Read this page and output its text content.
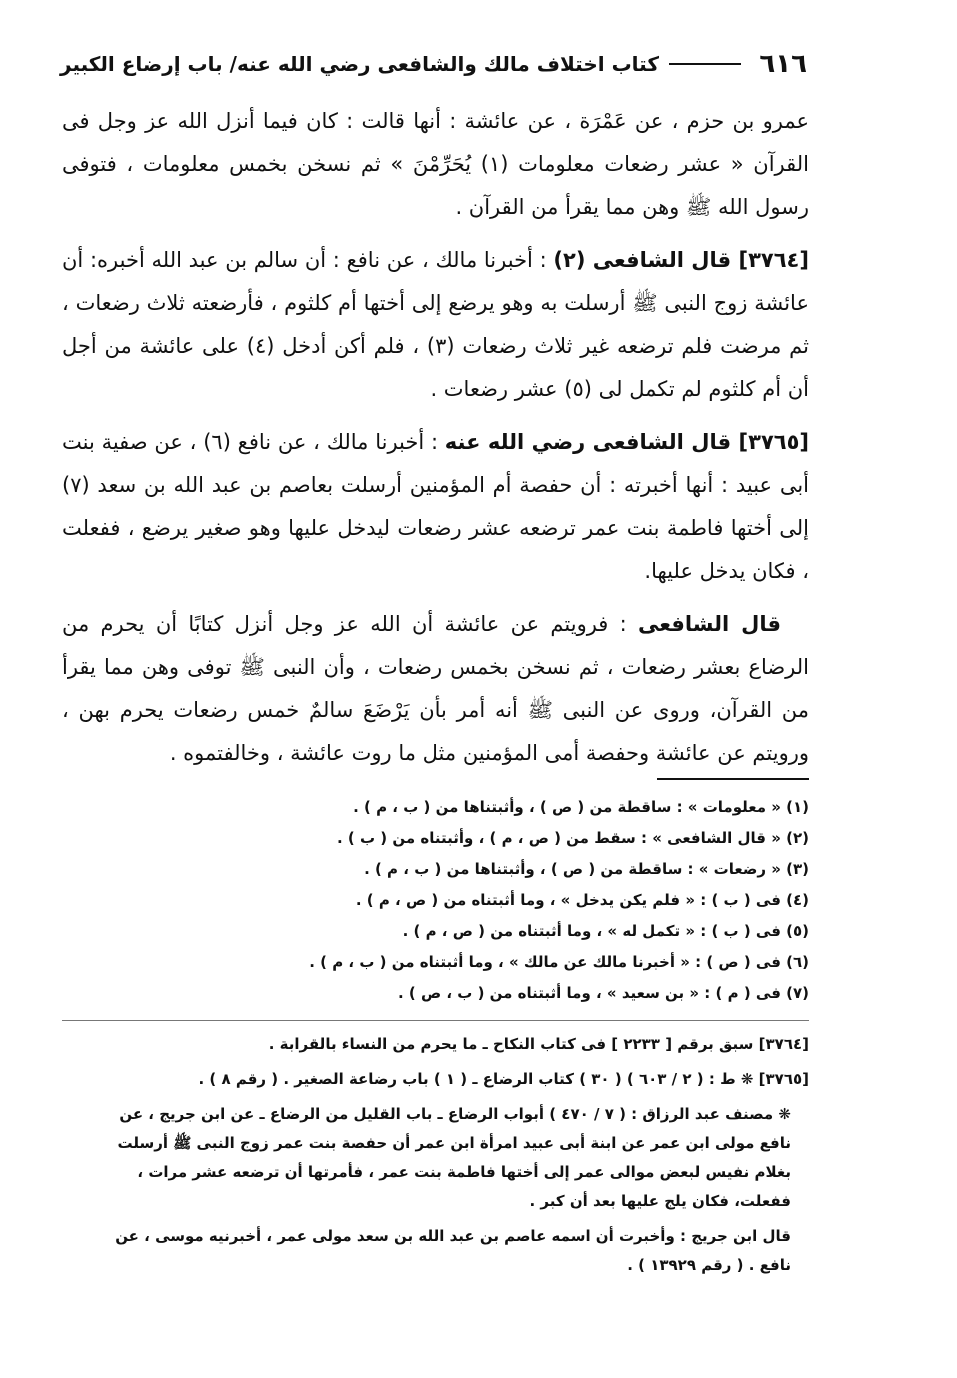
٦١٦
كتاب اختلاف مالك والشافعى رضي الله عنه/ باب إرضاع الكبير

عمرو بن حزم ، عن عَمْرَة ، عن عائشة : أنها قالت : كان فيما أنزل الله عز وجل فى القرآن « عشر رضعات معلومات (١) يُحَرِّمْنَ » ثم نسخن بخمس معلومات ، فتوفى رسول الله ﷺ وهن مما يقرأ من القرآن .

[٣٧٦٤] قال الشافعى (٢) : أخبرنا مالك ، عن نافع : أن سالم بن عبد الله أخبره: أن عائشة زوج النبى ﷺ أرسلت به وهو يرضع إلى أختها أم كلثوم ، فأرضعته ثلاث رضعات ، ثم مرضت فلم ترضعه غير ثلاث رضعات (٣) ، فلم أكن أدخل (٤) على عائشة من أجل أن أم كلثوم لم تكمل لى (٥) عشر رضعات .

[٣٧٦٥] قال الشافعى رضي الله عنه : أخبرنا مالك ، عن نافع (٦) ، عن صفية بنت أبى عبيد : أنها أخبرته : أن حفصة أم المؤمنين أرسلت بعاصم بن عبد الله بن سعد (٧) إلى أختها فاطمة بنت عمر ترضعه عشر رضعات ليدخل عليها وهو صغير يرضع ، ففعلت ، فكان يدخل عليها.

قال الشافعى : فرويتم عن عائشة أن الله عز وجل أنزل كتابًا أن يحرم من الرضاع بعشر رضعات ، ثم نسخن بخمس رضعات ، وأن النبى ﷺ توفى وهن مما يقرأ من القرآن، وروى عن النبى ﷺ أنه أمر بأن يَرْضَعَ سالمٌ خمس رضعات يحرم بهن ، ورويتم عن عائشة وحفصة أمى المؤمنين مثل ما روت عائشة ، وخالفتموه .

(١) « معلومات » : ساقطة من ( ص ) ، وأثبتناها من ( ب ، م ) .
(٢) « قال الشافعى » : سقط من ( ص ، م ) ، وأثبتناه من ( ب ) .
(٣) « رضعات » : ساقطة من ( ص ) ، وأثبتناها من ( ب ، م ) .
(٤) فى ( ب ) : « فلم يكن يدخل » ، وما أثبتناه من ( ص ، م ) .
(٥) فى ( ب ) : « تكمل له » ، وما أثبتناه من ( ص ، م ) .
(٦) فى ( ص ) : « أخبرنا مالك عن مالك » ، وما أثبتناه من ( ب ، م ) .
(٧) فى ( م ) : « بن سعيد » ، وما أثبتناه من ( ب ، ص ) .
[٣٧٦٤] سبق برقم [ ٢٢٣٣ ] فى كتاب النكاح ـ ما يحرم من النساء بالقرابة .
[٣٧٦٥] ❋ ط : ( ٢ / ٦٠٣ ) ( ٣٠ ) كتاب الرضاع ـ ( ١ ) باب رضاعة الصغير . ( رقم ٨ ) .
❋ مصنف عبد الرزاق : ( ٧ / ٤٧٠ ) أبواب الرضاع ـ باب القليل من الرضاع ـ عن ابن جريج ، عن نافع مولى ابن عمر عن ابنة أبى عبيد امرأة ابن عمر أن حفصة بنت عمر زوج النبى ﷺ أرسلت بغلام نفيس لبعض موالى عمر إلى أختها فاطمة بنت عمر ، فأمرتها أن ترضعه عشر مرات ، ففعلت، فكان يلج عليها بعد أن كبر .
قال ابن جريج : وأخبرت أن اسمه عاصم بن عبد الله بن سعد مولى عمر ، أخبرنيه موسى ، عن نافع . ( رقم ١٣٩٢٩ ) .
